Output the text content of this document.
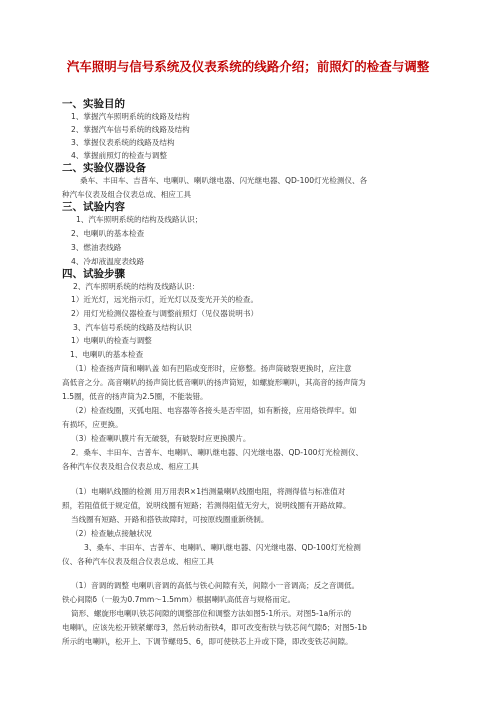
汽车照明与信号系统及仪表系统的线路介绍；前照灯的检查与调整
一、实验目的
1、掌握汽车照明系统的线路及结构
2、掌握汽车信号系统的线路及结构
3、掌握仪表系统的线路及结构
4、掌握前照灯的检查与调整
二、实验仪器设备
桑车、丰田车、吉普车、电喇叭、喇叭继电器、闪光继电器、QD-100灯光检测仪、各
种汽车仪表及组合仪表总成、相应工具
三、试验内容
1、汽车照明系统的结构及线路认识；
2、电喇叭的基本检查
3、燃油表线路
4、冷却液温度表线路
四、试验步骤
2、汽车照明系统的结构及线路认识：
1）近光灯，远光指示灯，近光灯以及变光开关的检查。
2）用灯光检测仪器检查与调整前照灯（见仪器说明书）
3、汽车信号系统的线路及结构认识
1）电喇叭的检查与调整
1、电喇叭的基本检查
（1）检查扬声筒和喇叭盖 如有凹陷或变形时，应修整。扬声筒破裂更换时，应注意
高低音之分。高音喇叭的扬声筒比低音喇叭的扬声筒短，如螺旋形喇叭，其高音的扬声筒为
1.5圈，低音的扬声筒为2.5圈，不能装错。
（2）检查线圈，灭弧电阻、电容器等各接头是否牢固，如有断接，应用烙铁焊牢。如
有损坏，应更换。
（3）检查喇叭膜片有无破裂，有破裂时应更换膜片。
2．桑车、丰田车、吉普车、电喇叭、喇叭继电器、闪光继电器、QD-100灯光检测仪、
各种汽车仪表及组合仪表总成、相应工具
（1）电喇叭线圈的检测 用万用表R×1挡测量喇叭线圈电阻，将测得值与标准值对
照，若阻值低于规定值，说明线圈有短路；若测得阻值无穷大，说明线圈有开路故障。
当线圈有短路、开路和搭铁故障时，可按原线圈重新绕制。
（2）检查触点接触状况
3、桑车、丰田车、吉普车、电喇叭、喇叭继电器、闪光继电器、QD-100灯光检测
仪、各种汽车仪表及组合仪表总成、相应工具
（1）音调的调整 电喇叭音调的高低与铁心间隙有关，间隙小一音调高；反之音调低。
铁心间隙δ（一般为0.7mm～1.5mm）根据喇叭高低音与规格而定。
筒形、螺旋形电喇叭铁芯间隙的调整部位和调整方法如图5-1所示。对图5-1a所示的
电喇叭，应该先松开锁紧螺母3，然后转动衔铁4，即可改变衔铁与铁芯间气隙δ；对图5-1b
所示的电喇叭，松开上、下调节螺母5、6，即可使铁芯上升或下降，即改变铁芯间隙。
